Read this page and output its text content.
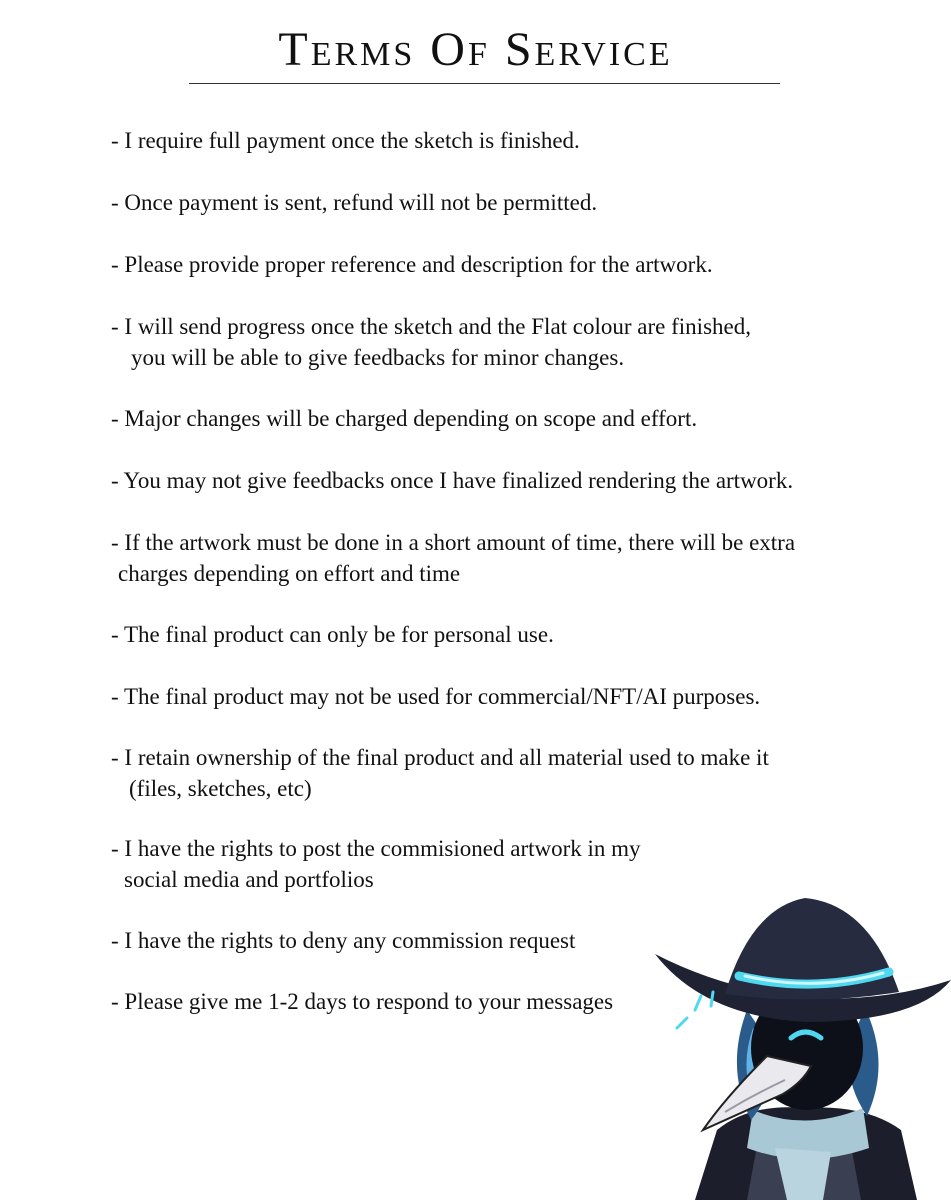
Terms Of Service
- I require full payment once the sketch is finished.
- Once payment is sent, refund will not be permitted.
- Please provide proper reference and description for the artwork.
- I will send progress once the sketch and the Flat colour are finished,
you will be able to give feedbacks for minor changes.
- Major changes will be charged depending on scope and effort.
- You may not give feedbacks once I have finalized rendering the artwork.
- If the artwork must be done in a short amount of time, there will be extra
charges depending on effort and time
- The final product can only be for personal use.
- The final product may not be used for commercial/NFT/AI purposes.
- I retain ownership of the final product and all material used to make it
(files, sketches, etc)
- I have the rights to post the commisioned artwork in my
social media and portfolios
- I have the rights to deny any commission request
- Please give me 1-2 days to respond to your messages
